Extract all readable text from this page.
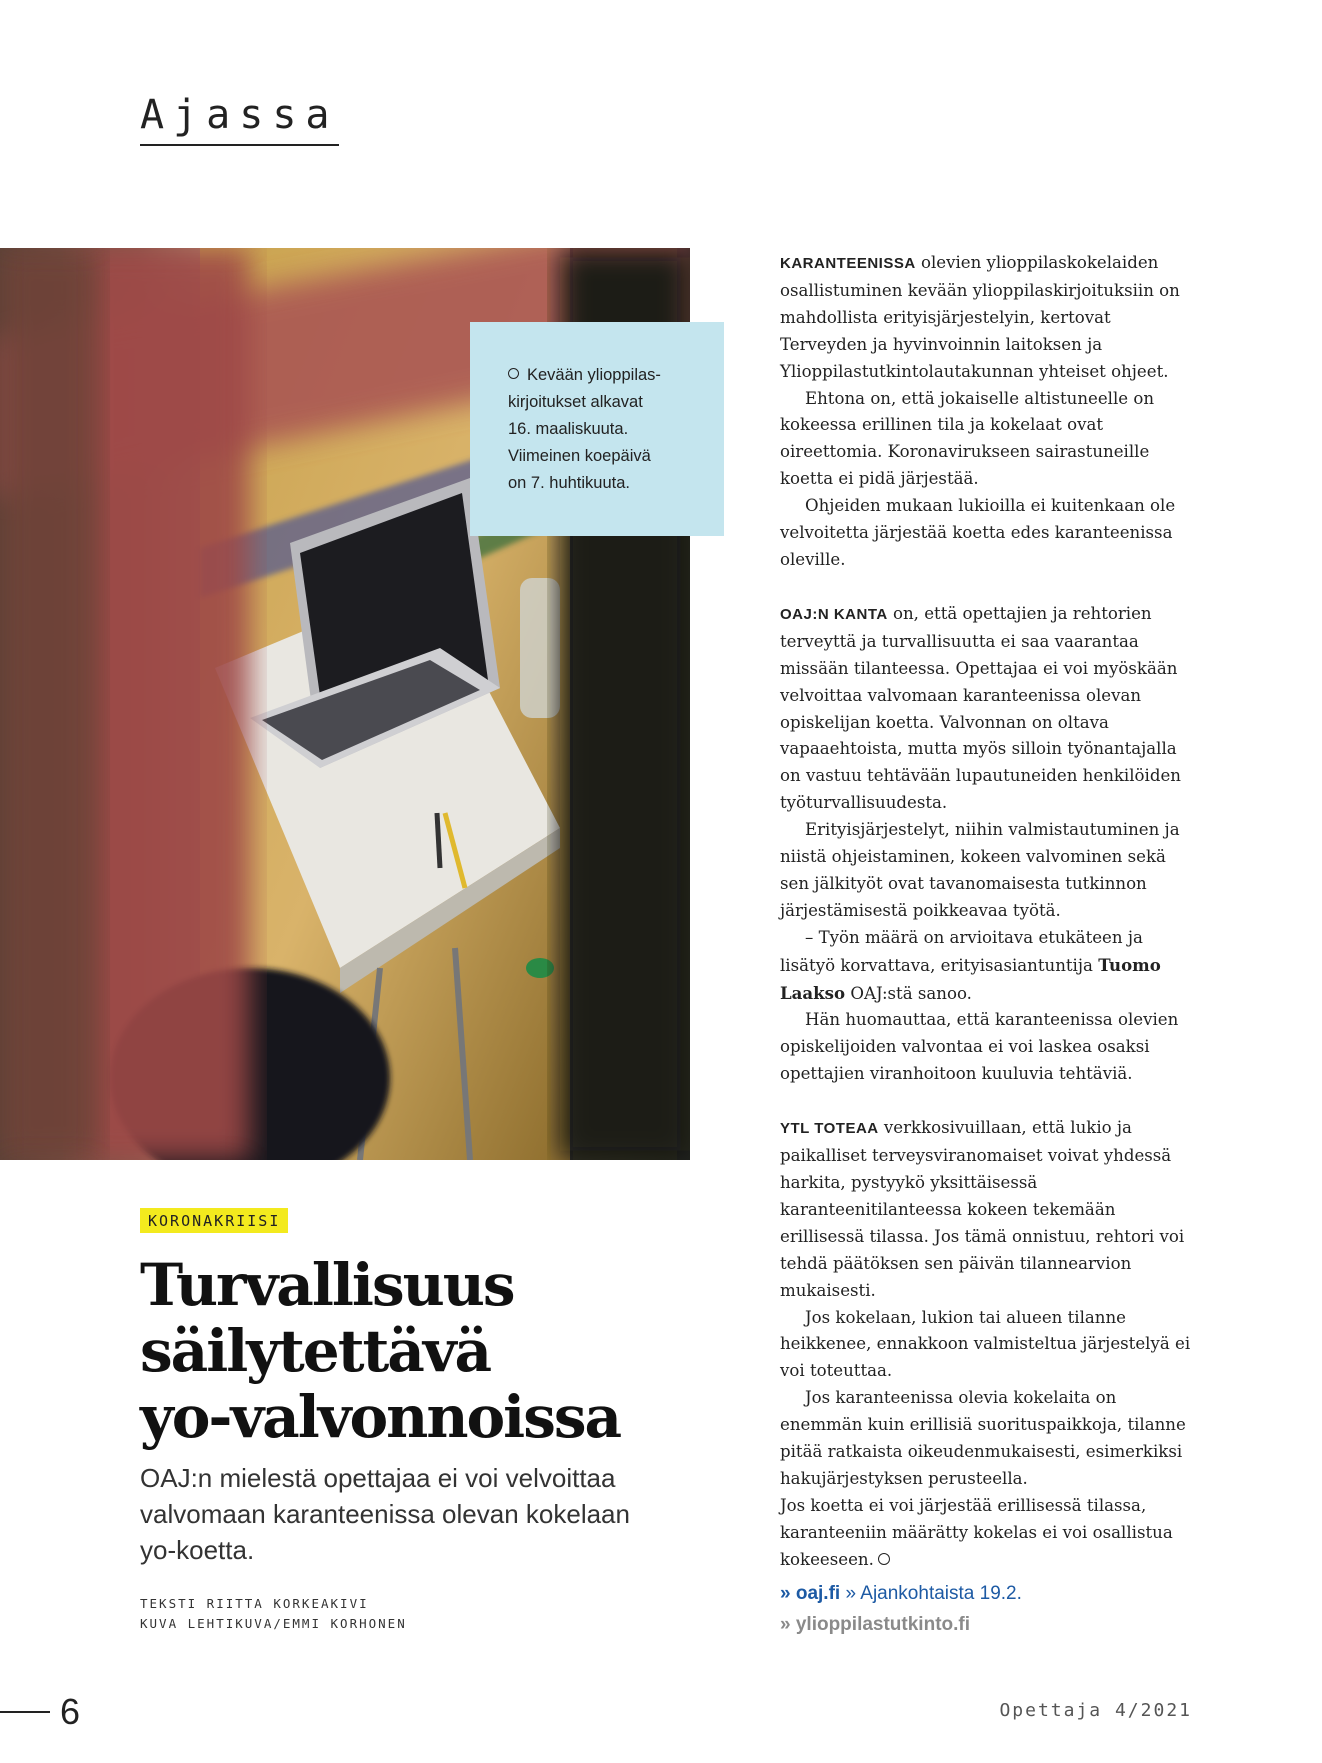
Ajassa
Kevään ylioppilas-
kirjoitukset alkavat
16. maaliskuuta.
Viimeinen koepäivä
on 7. huhtikuuta.
KORONAKRIISI
Turvallisuus
säilytettävä
yo-valvonnoissa

OAJ:n mielestä opettajaa ei voi velvoittaa valvomaan karanteenissa olevan kokelaan yo-koetta.

TEKSTI RIITTA KORKEAKIVI
KUVA LEHTIKUVA/EMMI KORHONEN

KARANTEENISSA olevien ylioppilaskokelaiden osallistuminen kevään ylioppilaskirjoituksiin on mahdollista erityisjärjestelyin, kertovat Terveyden ja hyvinvoinnin laitoksen ja Ylioppilastutkintolautakunnan yhteiset ohjeet.

Ehtona on, että jokaiselle altistuneelle on kokeessa erillinen tila ja kokelaat ovat oireettomia. Koronavirukseen sairastuneille koetta ei pidä järjestää.

Ohjeiden mukaan lukioilla ei kuitenkaan ole velvoitetta järjestää koetta edes karanteenissa oleville.

OAJ:N KANTA on, että opettajien ja rehtorien terveyttä ja turvallisuutta ei saa vaarantaa missään tilanteessa. Opettajaa ei voi myöskään velvoittaa valvomaan karanteenissa olevan opiskelijan koetta. Valvonnan on oltava vapaaehtoista, mutta myös silloin työnantajalla on vastuu tehtävään lupautuneiden henkilöiden työturvallisuudesta.

Erityisjärjestelyt, niihin valmistautuminen ja niistä ohjeistaminen, kokeen valvominen sekä sen jälkityöt ovat tavanomaisesta tutkinnon järjestämisestä poikkeavaa työtä.

– Työn määrä on arvioitava etukäteen ja lisätyö korvattava, erityisasiantuntija Tuomo Laakso OAJ:stä sanoo.

Hän huomauttaa, että karanteenissa olevien opiskelijoiden valvontaa ei voi laskea osaksi opettajien viranhoitoon kuuluvia tehtäviä.

YTL TOTEAA verkkosivuillaan, että lukio ja paikalliset terveysviranomaiset voivat yhdessä harkita, pystyykö yksittäisessä karanteenitilanteessa kokeen tekemään erillisessä tilassa. Jos tämä onnistuu, rehtori voi tehdä päätöksen sen päivän tilannearvion mukaisesti.

Jos kokelaan, lukion tai alueen tilanne heikkenee, ennakkoon valmisteltua järjestelyä ei voi toteuttaa.

Jos karanteenissa olevia kokelaita on enemmän kuin erillisiä suorituspaikkoja, tilanne pitää ratkaista oikeudenmukaisesti, esimerkiksi hakujärjestyksen perusteella.

Jos koetta ei voi järjestää erillisessä tilassa, karanteeniin määrätty kokelas ei voi osallistua kokeeseen.

» oaj.fi » Ajankohtaista 19.2.
» ylioppilastutkinto.fi
6	Opettaja 4/2021
